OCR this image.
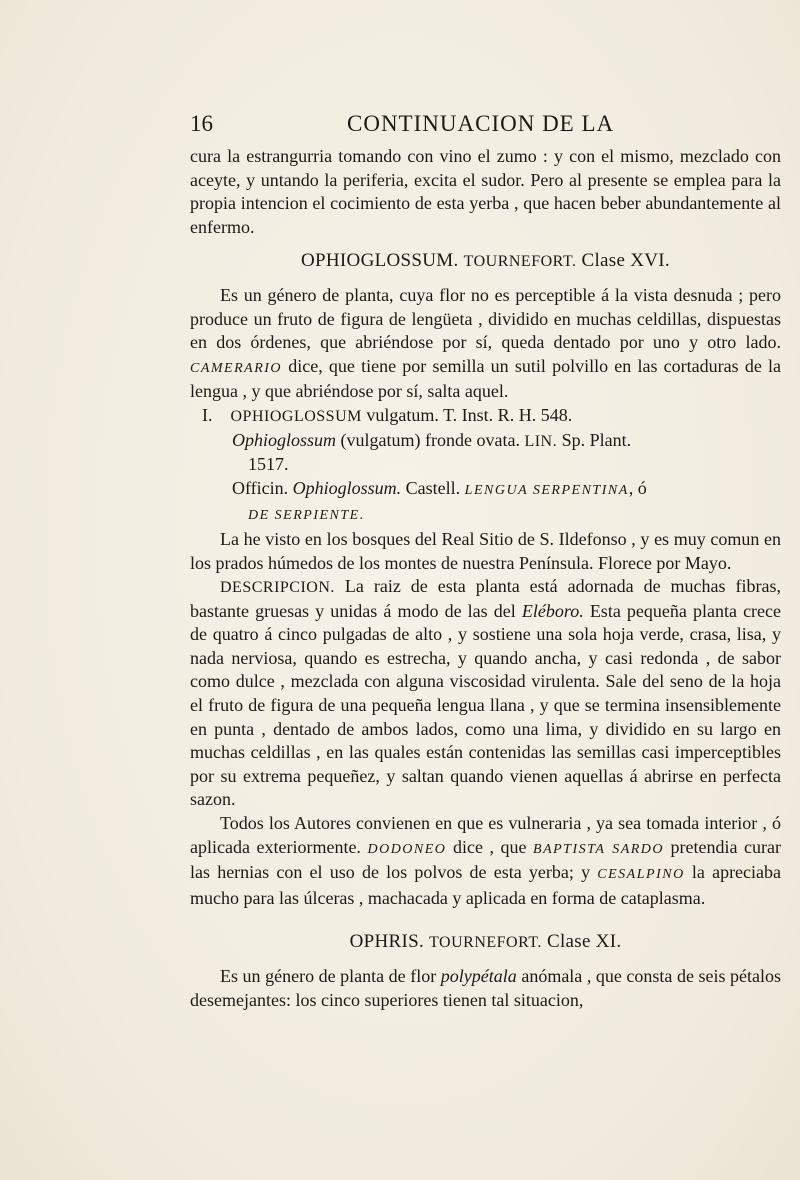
16	CONTINUACION DE LA

cura la estrangurria tomando con vino el zumo : y con el mismo, mezclado con aceyte, y untando la periferia, excita el sudor. Pero al presente se emplea para la propia intencion el cocimiento de esta yerba , que hacen beber abundantemente al enfermo.

OPHIOGLOSSUM. TOURNEFORT. Clase XVI.

Es un género de planta, cuya flor no es perceptible á la vista desnuda ; pero produce un fruto de figura de lengüeta , dividido en muchas celdillas, dispuestas en dos órdenes, que abriéndose por sí, queda dentado por uno y otro lado. CAMERARIO dice, que tiene por semilla un sutil polvillo en las cortaduras de la lengua , y que abriéndose por sí, salta aquel.

I. OPHIOGLOSSUM vulgatum. T. Inst. R. H. 548.

Ophioglossum (vulgatum) fronde ovata. LIN. Sp. Plant.

1517.

Officin. Ophioglossum. Castell. LENGUA SERPENTINA, ó

DE SERPIENTE.

La he visto en los bosques del Real Sitio de S. Ildefonso , y es muy comun en los prados húmedos de los montes de nuestra Península. Florece por Mayo.

DESCRIPCION. La raiz de esta planta está adornada de muchas fibras, bastante gruesas y unidas á modo de las del Eléboro. Esta pequeña planta crece de quatro á cinco pulgadas de alto , y sostiene una sola hoja verde, crasa, lisa, y nada nerviosa, quando es estrecha, y quando ancha, y casi redonda , de sabor como dulce , mezclada con alguna viscosidad virulenta. Sale del seno de la hoja el fruto de figura de una pequeña lengua llana , y que se termina insensiblemente en punta , dentado de ambos lados, como una lima, y dividido en su largo en muchas celdillas , en las quales están contenidas las semillas casi imperceptibles por su extrema pequeñez, y saltan quando vienen aquellas á abrirse en perfecta sazon.

Todos los Autores convienen en que es vulneraria , ya sea tomada interior , ó aplicada exteriormente. DODONEO dice , que BAPTISTA SARDO pretendia curar las hernias con el uso de los polvos de esta yerba; y CESALPINO la apreciaba mucho para las úlceras , machacada y aplicada en forma de cataplasma.

OPHRIS. TOURNEFORT. Clase XI.

Es un género de planta de flor polypétala anómala , que consta de seis pétalos desemejantes: los cinco superiores tienen tal situacion,
